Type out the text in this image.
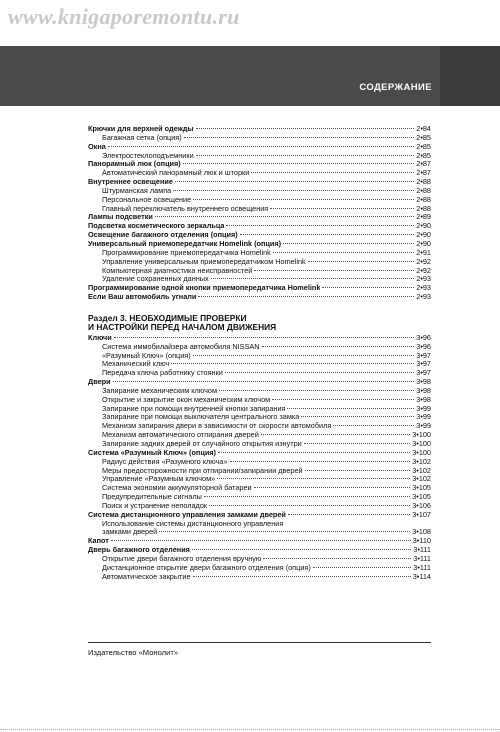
www.knigaporemontu.ru
СОДЕРЖАНИЕ
Крючки для верхней одежды	2•84
Багажная сетка (опция)	2•85
Окна	2•85
Электростеклоподъемники	2•85
Панорамный люк (опция)	2•87
Автоматический панорамный люк и шторки	2•87
Внутреннее освещение	2•88
Штурманская лампа	2•88
Персональное освещение	2•88
Главный переключатель внутреннего освещения	2•88
Лампы подсветки	2•89
Подсветка косметического зеркальца	2•90
Освещение багажного отделения (опция)	2•90
Универсальный приемопередатчик Homelink (опция)	2•90
Программирование приемопередатчика Homelink	2•91
Управление универсальным приемопередатчиком Homelink	2•92
Компьютерная диагностика неисправностей	2•92
Удаление сохраненных данных	2•93
Программирование одной кнопки приемопередатчика Homelink	2•93
Если Ваш автомобиль угнали	2•93
Раздел 3. НЕОБХОДИМЫЕ ПРОВЕРКИ
И НАСТРОЙКИ ПЕРЕД НАЧАЛОМ ДВИЖЕНИЯ
Ключи	3•96
Система иммобилайзера автомобиля NISSAN	3•96
«Разумный Ключ» (опция)	3•97
Механический ключ	3•97
Передача ключа работнику стоянки	3•97
Двери	3•98
Запирание механическим ключом	3•98
Открытие и закрытие окон механическим ключом	3•98
Запирание при помощи внутренней кнопки запирания	3•99
Запирание при помощи выключателя центрального замка	3•99
Механизм запирания двери в зависимости от скорости автомобиля	3•99
Механизм автоматического отпирания дверей	3•100
Запирание задних дверей от случайного открытия изнутри	3•100
Система «Разумный Ключ» (опция)	3•100
Радиус действия «Разумного ключа»	3•102
Меры предосторожности при отпирании/запирании дверей	3•102
Управление «Разумным ключом»	3•102
Система экономии аккумуляторной батареи	3•105
Предупредительные сигналы	3•105
Поиск и устранение неполадок	3•106
Система дистанционного управления замками дверей	3•107
Использование системы дистанционного управления
замками дверей	3•108
Капот	3•110
Дверь багажного отделения	3•111
Открытие двери багажного отделения вручную	3•111
Дистанционное открытие двери багажного отделения (опция)	3•111
Автоматическое закрытие	3•114
Издательство «Монолит»
